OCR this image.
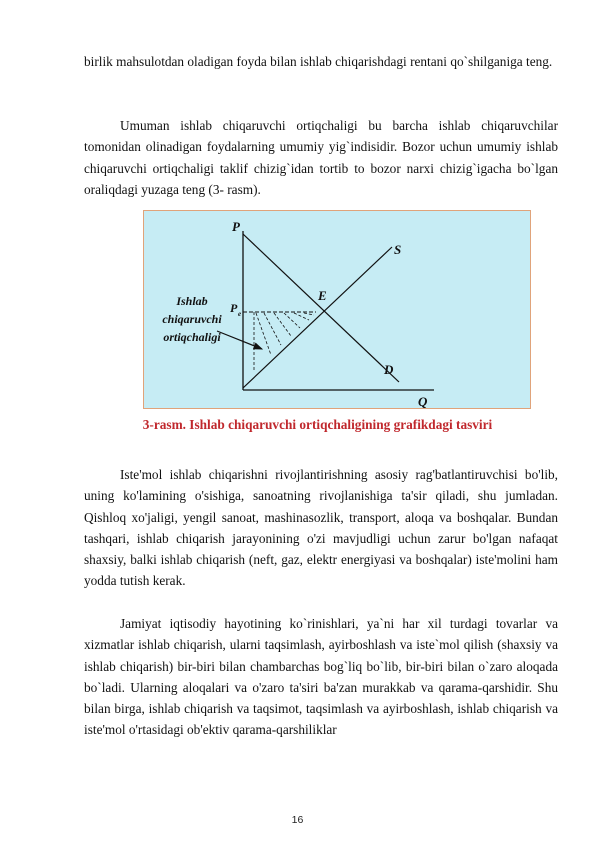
birlik mahsulotdan oladigan foyda bilan ishlab chiqarishdagi rentani qo`shilganiga teng.

Umuman ishlab chiqaruvchi ortiqchaligi bu barcha ishlab chiqaruvchilar tomonidan olinadigan foydalarning umumiy yig`indisidir. Bozor uchun umumiy ishlab chiqaruvchi ortiqchaligi taklif chizig`idan tortib to bozor narxi chizig`igacha bo`lgan oraliqdagi yuzaga teng (3- rasm).

P
Q
S
D
E
P e
Ishlab
chiqaruvchi
ortiqchaligi
3-rasm. Ishlab chiqaruvchi ortiqchaligining grafikdagi tasviri

Iste'mol ishlab chiqarishni rivojlantirishning asosiy rag'batlantiruvchisi bo'lib, uning ko'lamining o'sishiga, sanoatning rivojlanishiga ta'sir qiladi, shu jumladan. Qishloq xo'jaligi, yengil sanoat, mashinasozlik, transport, aloqa va boshqalar. Bundan tashqari, ishlab chiqarish jarayonining o'zi mavjudligi uchun zarur bo'lgan nafaqat shaxsiy, balki ishlab chiqarish (neft, gaz, elektr energiyasi va boshqalar) iste'molini ham yodda tutish kerak.

Jamiyat iqtisodiy hayotining ko`rinishlari, ya`ni har xil turdagi tovarlar va xizmatlar ishlab chiqarish, ularni taqsimlash, ayirboshlash va iste`mol qilish (shaxsiy va ishlab chiqarish) bir-biri bilan chambarchas bog`liq bo`lib, bir-biri bilan o`zaro aloqada bo`ladi. Ularning aloqalari va o'zaro ta'siri ba'zan murakkab va qarama-qarshidir. Shu bilan birga, ishlab chiqarish va taqsimot, taqsimlash va ayirboshlash, ishlab chiqarish va iste'mol o'rtasidagi ob'ektiv qarama-qarshiliklar

16
